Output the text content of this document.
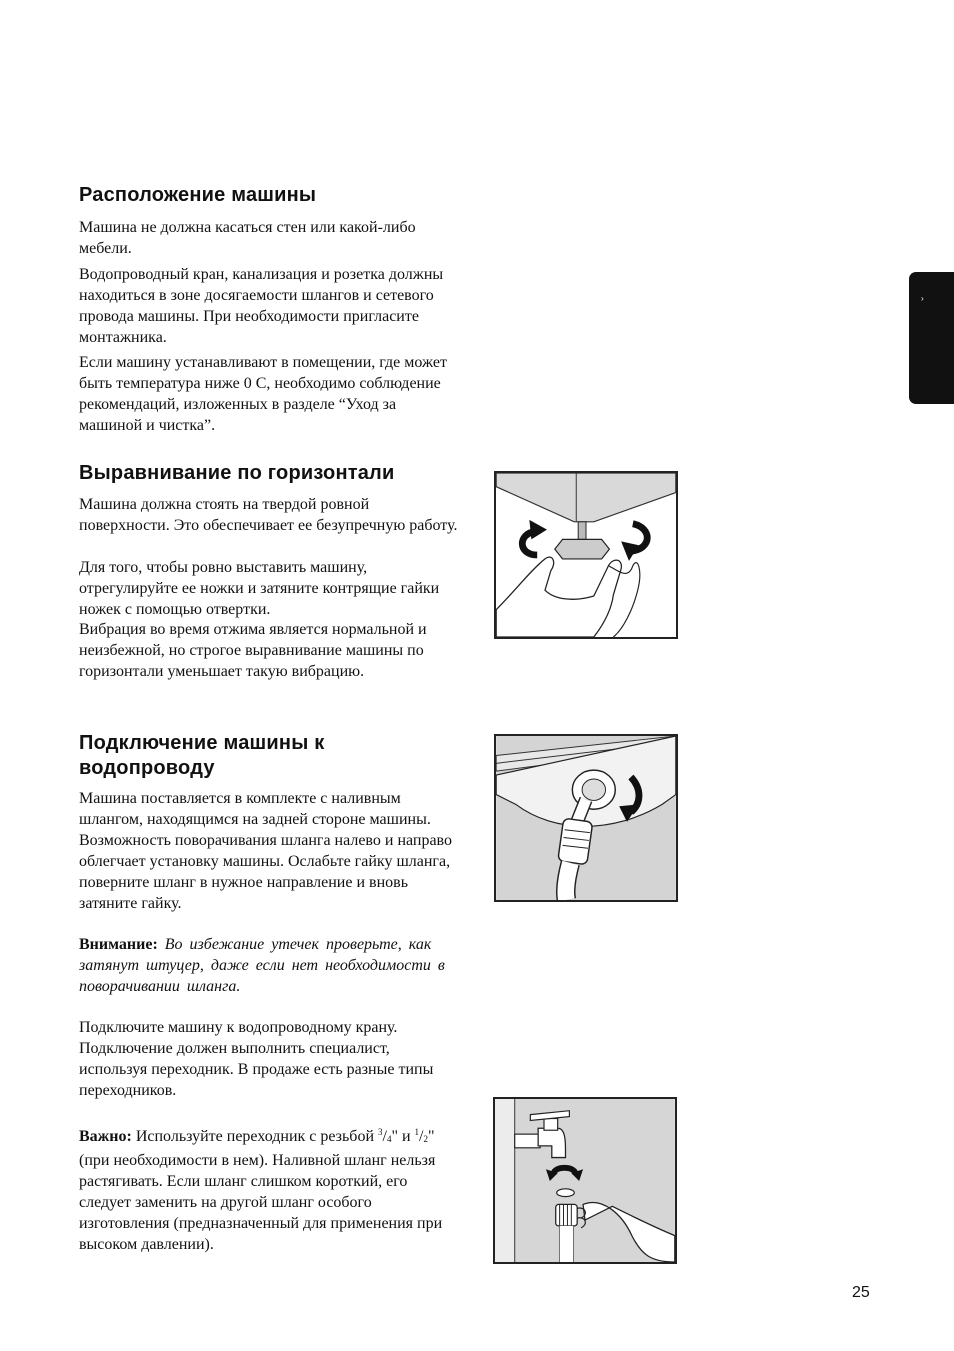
Расположение машины

Машина не должна касаться стен или какой-либо мебели.

Водопроводный кран, канализация и розетка должны находиться в зоне досягаемости шлангов и сетевого провода машины. При необходимости пригласите монтажника.

Если машину устанавливают в помещении, где может быть температура ниже 0 С, необходимо соблюдение рекомендаций, изложенных в разделе “Уход за машиной и чистка”.

Выравнивание по горизонтали

Машина должна стоять на твердой ровной поверхности. Это обеспечивает ее безупречную работу.

Для того, чтобы ровно выставить машину, отрегулируйте ее ножки и затяните контрящие гайки ножек с помощью отвертки.

Вибрация во время отжима является нормальной и неизбежной, но строгое выравнивание машины по горизонтали уменьшает такую вибрацию.

Подключение машины к
водопроводу

Машина поставляется в комплекте с наливным шлангом, находящимся на задней стороне машины. Возможность поворачивания шланга налево и направо облегчает установку машины. Ослабьте гайку шланга, поверните шланг в нужное направление и вновь затяните гайку.

Внимание: Во избежание утечек проверьте, как затянут штуцер, даже если нет необходимости в поворачивании шланга.

Подключите машину к водопроводному крану. Подключение должен выполнить специалист, используя переходник. В продаже есть разные типы переходников.

Важно: Используйте переходник с резьбой $^3$/4" и $^1$/2" (при необходимости в нем). Наливной шланг нельзя растягивать. Если шланг слишком короткий, его следует заменить на другой шланг особого изготовления (предназначенный для применения при высоком давлении).

›
25
